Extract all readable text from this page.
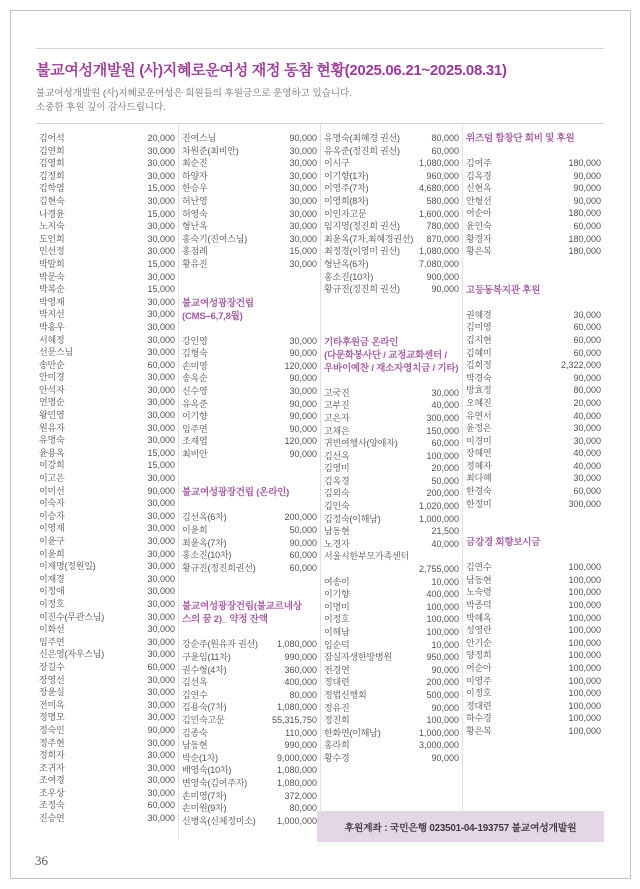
불교여성개발원 (사)지혜로운여성 재정 동참 현황(2025.06.21~2025.08.31)
불교여성개발원 (사)지혜로운여성은 회원들의 후원금으로 운영하고 있습니다.
소중한 후원 깊이 감사드립니다.
김어석	20,000
김연희	30,000
김영희	30,000
김정희	30,000
김학염	15,000
김현숙	30,000
나경윤	15,000
노지숙	30,000
도인희	30,000
민선정	30,000
박말희	15,000
박문숙	30,000
박복순	15,000
박영재	30,000
박지선	30,000
박홍우	30,000
서혜정	30,000
선문스님	30,000
송만순	60,000
안미경	30,000
안석자	30,000
연명순	30,000
왕민영	30,000
원유자	30,000
유명숙	30,000
윤용옥	15,000
이강희	15,000
이고은	30,000
이미선	90,000
이숙자	30,000
이승자	30,000
이영재	30,000
이윤구	30,000
이윤희	30,000
이재명(정원일)	30,000
이재경	30,000
이정애	30,000
이정호	30,000
이진수(무관스님)	30,000
이화선	30,000
임주연	30,000
신은영(자우스님)	30,000
장길수	60,000
장영선	30,000
장윤실	30,000
전미옥	30,000
정명모	30,000
정숙인	90,000
정주현	30,000
정희자	30,000
조귀자	30,000
조여경	30,000
조우상	30,000
조정숙	60,000
진승연	30,000
진여스님	90,000
차원준(최비안)	30,000
최순진	30,000
하양자	30,000
한승우	30,000
허난영	30,000
허영숙	30,000
형난옥	30,000
홍숙기(진여스님)	30,000
홍점례	15,000
황유진	30,000
불교여성광장건립
(CMS–6,7,8월)
강인영	30,000
김형숙	90,000
손미영	120,000
송옥순	90,000
신수영	30,000
유옥준	90,000
이기향	90,000
임주연	90,000
조재엽	120,000
최비안	90,000
불교여성광장건립 (온라인)
김선옥(6차)	200,000
이윤희	50,000
최윤옥(7차)	90,000
홍소진(10차)	60,000
황규진(정진희권선)	60,000
불교여성광장건립(불교르네상
스의 꿈 2)_ 약정 잔액
강순주(원유자 권선) 1,080,000
구윤임(11차)	990,000
권수형(4차)	360,000
김선옥	400,000
김연수	80,000
김용숙(7차)	1,080,000
김민숙고문	55,315,750
김종숙	110,000
남동현	990,000
박순(1차)	9,000,000
배영숙(10차)	1,080,000
변영숙(김여주자)	1,080,000
손미영(7차)	372,000
손미원(9차)	80,000
신병옥(신체정미소) 1,000,000
유명숙(최혜경 권선)	80,000
유옥준(정진희 권선)	60,000
이시구	1,080,000
이기향(1차)	960,000
이영주(7차)	4,680,000
이영희(8차)	580,000
이인자고문	1,600,000
임지영(정진희 권선)	780,000
최윤옥(7차,최혜경권선) 870,000
최정경(이영미 권선) 1,080,000
형난옥(6차)	7,080,000
홍소진(10차)	900,000
황규진(정진희 권선)	90,000
기타후원금 온라인
(다문화봉사단 / 교정교화센터 /
우바이예찬 / 재소자영치금 / 기타)
고국진	30,000
고부진	40,000
고은자	300,000
고채은	150,000
귀빈여행사(양애자)	60,000
김선옥	100,000
김영미	20,000
김옥경	50,000
김외숙	200,000
김인숙	1,020,000
김정숙(이해남)	1,000,000
남동현	21,500
노경자	40,000
서울시한부모가족센터
2,755,000
여송이	10,000
이기향	400,000
이명미	100,000
이정호	100,000
이해남	100,000
임순덕	10,000
잠실자생한방병원	950,000
전경연	90,000
정대련	200,000
정법신행회	500,000
정유진	90,000
정진희	100,000
한화연(이해남)	1,000,000
홍라희	3,000,000
황수경	90,000
위즈덤 합창단 회비 및 후원
김여주	180,000
김옥경	90,000
신현옥	90,000
안형선	90,000
어순아	180,000
윤인숙	60,000
황경자	180,000
황은복	180,000
고등동복지관 후원
권혜경	30,000
김미영	60,000
김지현	60,000
김혜미	60,000
김희정	2,322,000
박경숙	90,000
방효정	80,000
오혜진	20,000
유연서	40,000
윤정은	30,000
이경미	30,000
장혜연	40,000
정혜자	40,000
최다혜	30,000
한경숙	60,000
한정미	300,000
금강경 회향보시금
김연수	100,000
남동현	100,000
노숙령	100,000
박종덕	100,000
박혜옥	100,000
성영란	100,000
안기순	100,000
양정희	100,000
어순아	100,000
이영주	100,000
이정호	100,000
정대련	100,000
하수경	100,000
황은복	100,000
후원계좌 : 국민은행 023501-04-193757 불교여성개발원
36
